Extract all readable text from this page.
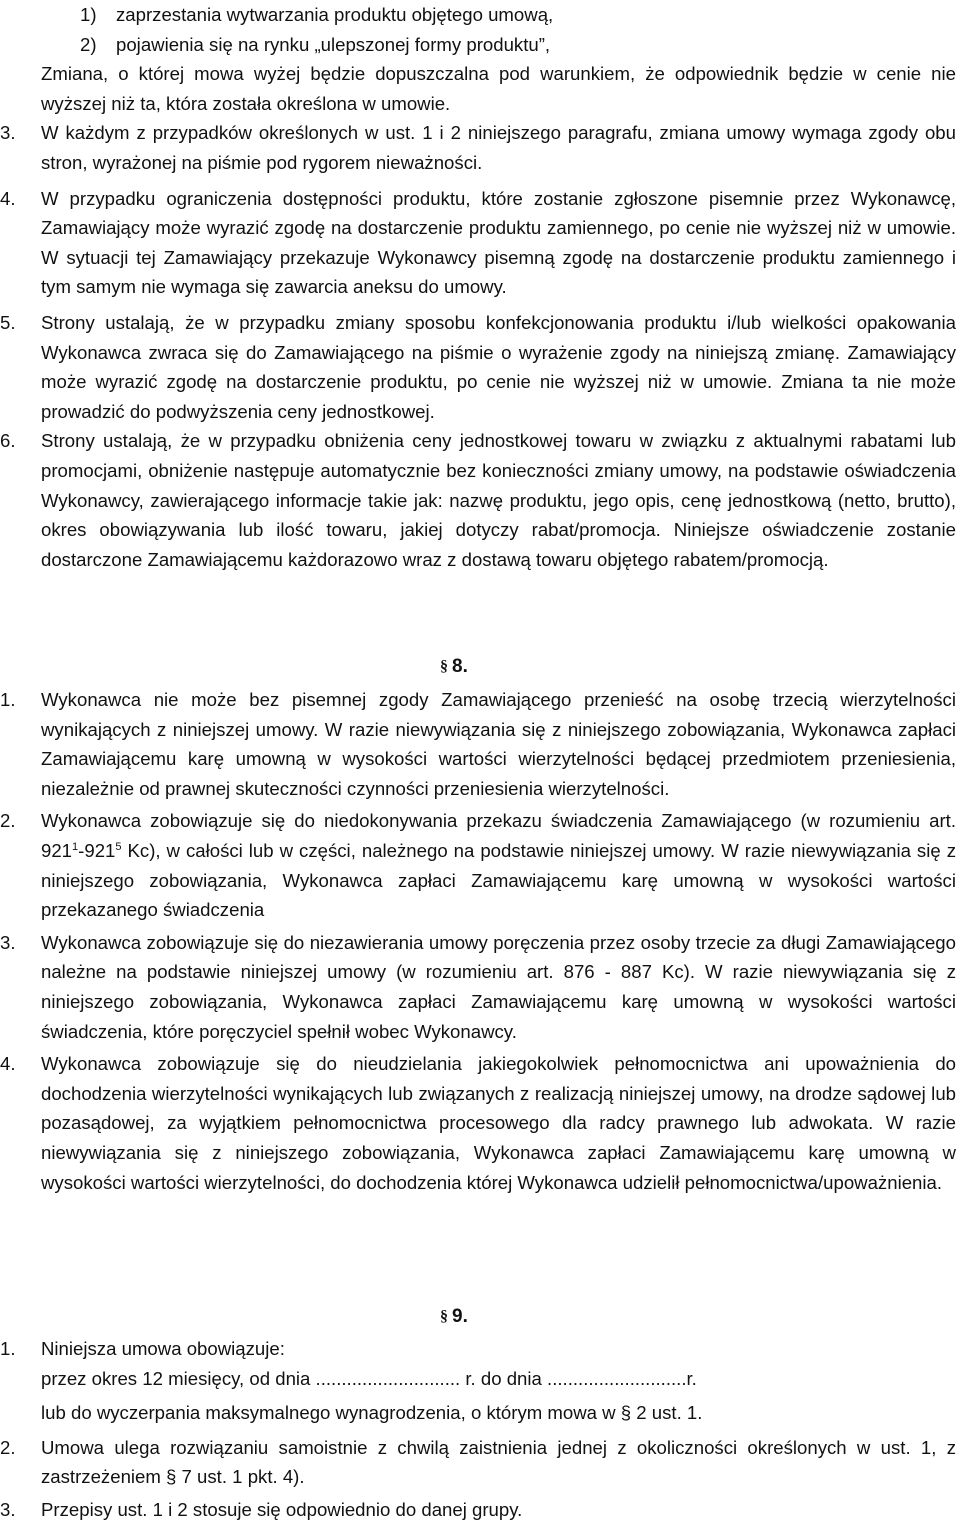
1)	zaprzestania wytwarzania produktu objętego umową,
2)	pojawienia się na rynku „ulepszonej formy produktu”,
Zmiana, o której mowa wyżej będzie dopuszczalna pod warunkiem, że odpowiednik będzie w cenie nie wyższej niż ta, która została określona w umowie.
3.	W każdym z przypadków określonych w ust. 1 i 2 niniejszego paragrafu, zmiana umowy wymaga zgody obu stron, wyrażonej na piśmie pod rygorem nieważności.
4.	W przypadku ograniczenia dostępności produktu, które zostanie zgłoszone pisemnie przez Wykonawcę, Zamawiający może wyrazić zgodę na dostarczenie produktu zamiennego, po cenie nie wyższej niż w umowie. W sytuacji tej Zamawiający przekazuje Wykonawcy pisemną zgodę na dostarczenie produktu zamiennego i tym samym nie wymaga się zawarcia aneksu do umowy.
5.	Strony ustalają, że w przypadku zmiany sposobu konfekcjonowania produktu i/lub wielkości opakowania Wykonawca zwraca się do Zamawiającego na piśmie o wyrażenie zgody na niniejszą zmianę. Zamawiający może wyrazić zgodę na dostarczenie produktu, po cenie nie wyższej niż w umowie. Zmiana ta nie może prowadzić do podwyższenia ceny jednostkowej.
6.	Strony ustalają, że w przypadku obniżenia ceny jednostkowej towaru w związku z aktualnymi rabatami lub promocjami, obniżenie następuje automatycznie bez konieczności zmiany umowy, na podstawie oświadczenia Wykonawcy, zawierającego informacje takie jak: nazwę produktu, jego opis, cenę jednostkową (netto, brutto), okres obowiązywania lub ilość towaru, jakiej dotyczy rabat/promocja. Niniejsze oświadczenie zostanie dostarczone Zamawiającemu każdorazowo wraz z dostawą towaru objętego rabatem/promocją.
§ 8.
1.	Wykonawca nie może bez pisemnej zgody Zamawiającego przenieść na osobę trzecią wierzytelności wynikających z niniejszej umowy. W razie niewywiązania się z niniejszego zobowiązania, Wykonawca zapłaci Zamawiającemu karę umowną w wysokości wartości wierzytelności będącej przedmiotem przeniesienia, niezależnie od prawnej skuteczności czynności przeniesienia wierzytelności.
2.	Wykonawca zobowiązuje się do niedokonywania przekazu świadczenia Zamawiającego (w rozumieniu art. $921^1-921^5$ Kc), w całości lub w części, należnego na podstawie niniejszej umowy. W razie niewywiązania się z niniejszego zobowiązania, Wykonawca zapłaci Zamawiającemu karę umowną w wysokości wartości przekazanego świadczenia
3.	Wykonawca zobowiązuje się do niezawierania umowy poręczenia przez osoby trzecie za długi Zamawiającego należne na podstawie niniejszej umowy (w rozumieniu art. 876 - 887 Kc). W razie niewywiązania się z niniejszego zobowiązania, Wykonawca zapłaci Zamawiającemu karę umowną w wysokości wartości świadczenia, które poręczyciel spełnił wobec Wykonawcy.
4.	Wykonawca zobowiązuje się do nieudzielania jakiegokolwiek pełnomocnictwa ani upoważnienia do dochodzenia wierzytelności wynikających lub związanych z realizacją niniejszej umowy, na drodze sądowej lub pozasądowej, za wyjątkiem pełnomocnictwa procesowego dla radcy prawnego lub adwokata. W razie niewywiązania się z niniejszego zobowiązania, Wykonawca zapłaci Zamawiającemu karę umowną w wysokości wartości wierzytelności, do dochodzenia której Wykonawca udzielił pełnomocnictwa/upoważnienia.
§ 9.
1.	Niniejsza umowa obowiązuje:
przez okres 12 miesięcy, od dnia ............................ r. do dnia ...........................r.
lub do wyczerpania maksymalnego wynagrodzenia, o którym mowa w § 2 ust. 1.
2.	Umowa ulega rozwiązaniu samoistnie z chwilą zaistnienia jednej z okoliczności określonych w ust. 1, z zastrzeżeniem § 7 ust. 1 pkt. 4).
3.	Przepisy ust. 1 i 2 stosuje się odpowiednio do danej grupy.
